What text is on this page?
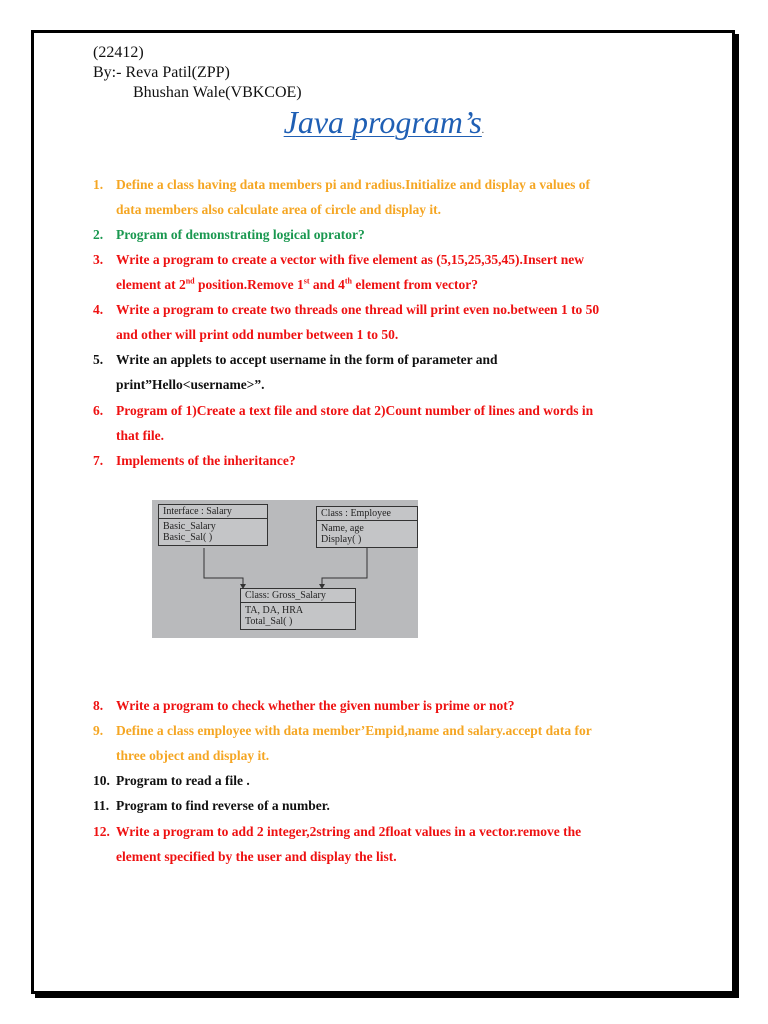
(22412)
By:- Reva Patil(ZPP)
Bhushan Wale(VBKCOE)
Java program’s.
1. Define a class having data members pi and radius.Initialize and display a values of
data members also calculate area of circle and display it.
2. Program of demonstrating logical oprator?
3. Write a program to create a vector with five element as (5,15,25,35,45).Insert new
element at 2nd position.Remove 1st and 4th element from vector?
4. Write a program to create two threads one thread will print even no.between 1 to 50
and other will print odd number between 1 to 50.
5. Write an applets to accept username in the form of parameter and
print”Hello<username>”.
6. Program of 1)Create a text file and store dat 2)Count number of lines and words in
that file.
7. Implements of the inheritance?
Interface : Salary
Basic_Salary
Basic_Sal( )
Class : Employee
Name, age
Display( )
Class: Gross_Salary
TA, DA, HRA
Total_Sal( )
8. Write a program to check whether the given number is prime or not?
9. Define a class employee with data member’Empid,name and salary.accept data for
three object and display it.
10. Program to read a file .
11. Program to find reverse of a number.
12. Write a program to add 2 integer,2string and 2float values in a vector.remove the
element specified by the user and display the list.
